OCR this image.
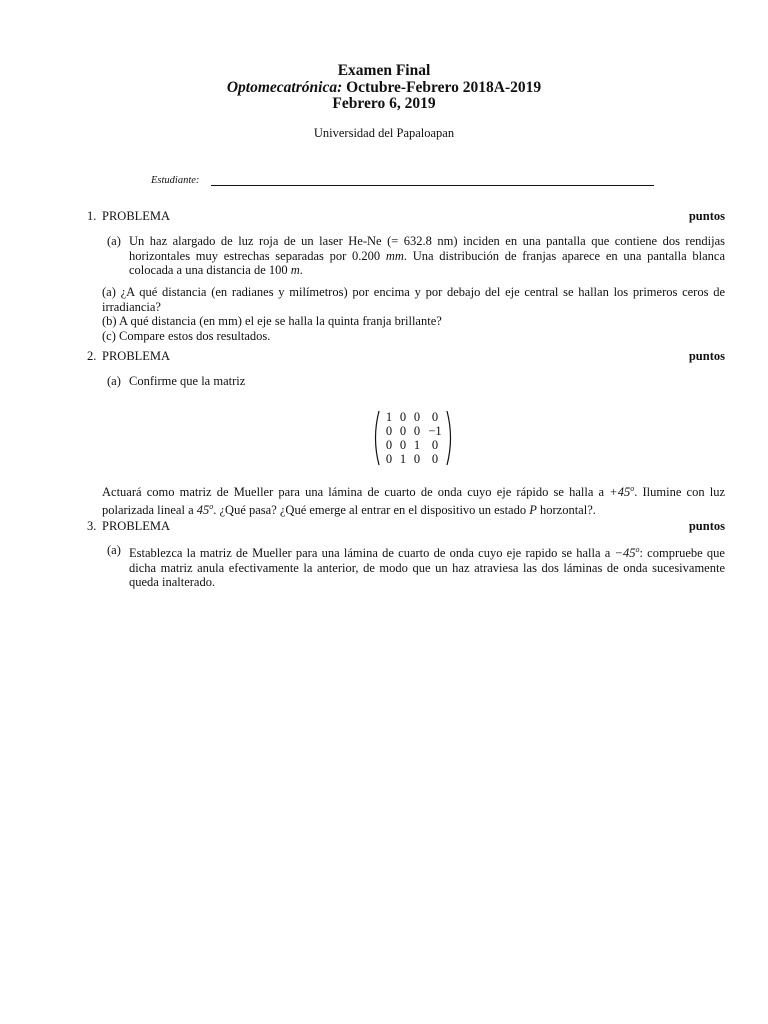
Examen Final
Optomecatrónica: Octubre-Febrero 2018A-2019
Febrero 6, 2019
Universidad del Papaloapan
Estudiante:
1. PROBLEMA	puntos
(a) Un haz alargado de luz roja de un laser He-Ne (= 632.8 nm) inciden en una pantalla que contiene dos rendijas horizontales muy estrechas separadas por 0.200 mm. Una distribución de franjas aparece en una pantalla blanca colocada a una distancia de 100 m.
(a) ¿A qué distancia (en radianes y milímetros) por encima y por debajo del eje central se hallan los primeros ceros de irradiancia?
(b) A qué distancia (en mm) el eje se halla la quinta franja brillante?
(c) Compare estos dos resultados.
2. PROBLEMA	puntos
(a) Confirme que la matriz
1 0 0 0
0 0 0 −1
0 0 1 0
0 1 0 0
Actuará como matriz de Mueller para una lámina de cuarto de onda cuyo eje rápido se halla $a +45^o$. Ilumine con luz polarizada lineal a 45$^o$. ¿Qué pasa? ¿Qué emerge al entrar en el dispositivo un estado P horzontal?.
3. PROBLEMA	puntos
(a) Establezca la matriz de Mueller para una lámina de cuarto de onda cuyo eje rapido se halla $a -45^o$: compruebe que dicha matriz anula efectivamente la anterior, de modo que un haz atraviesa las dos láminas de onda sucesivamente queda inalterado.
